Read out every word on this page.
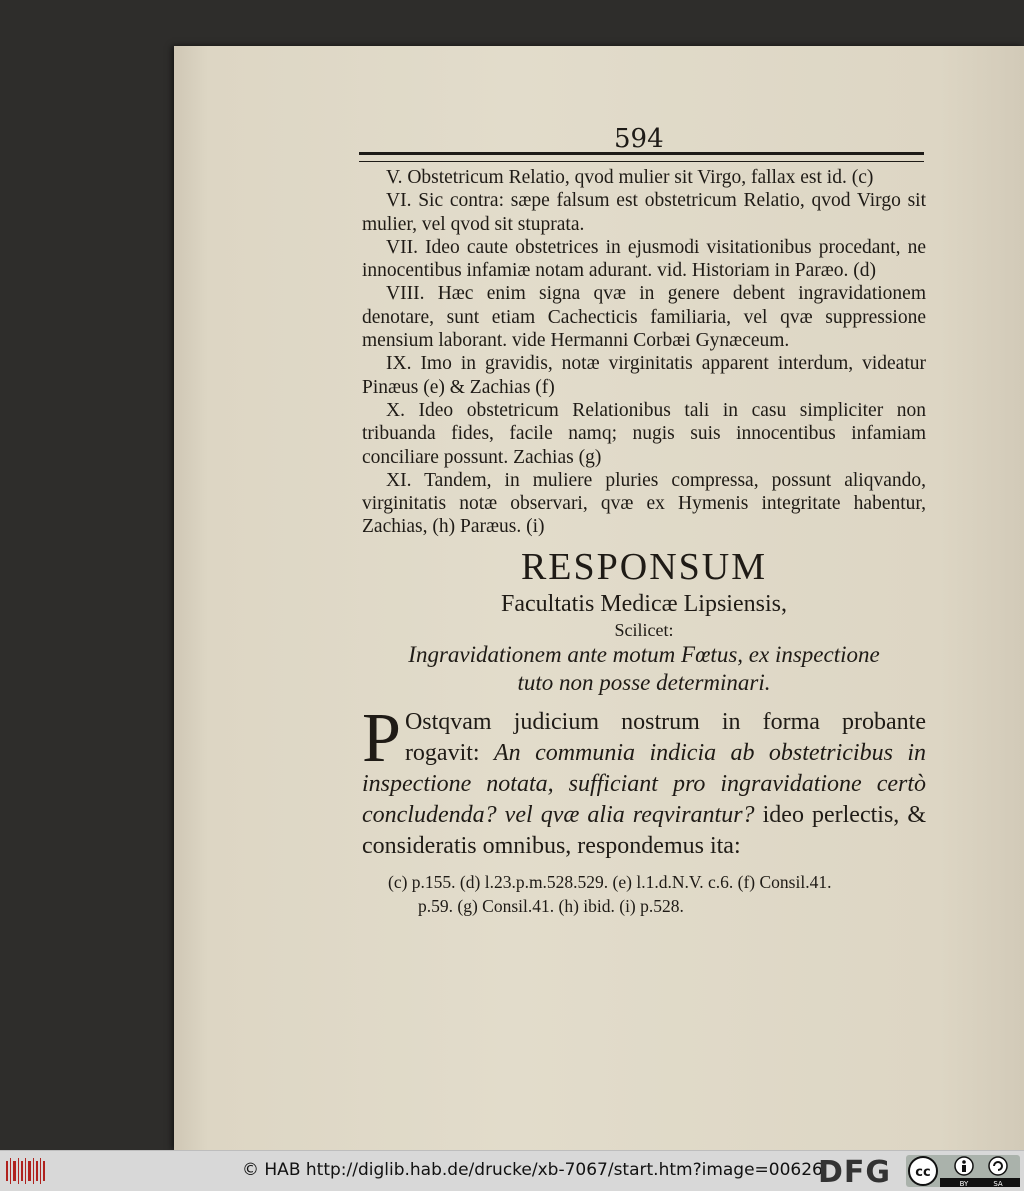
594

V. Obstetricum Relatio, qvod mulier sit Virgo, fallax est id. (c)

VI. Sic contra: sæpe falsum est obstetricum Relatio, qvod Virgo sit mulier, vel qvod sit stuprata.

VII. Ideo caute obstetrices in ejusmodi visitationibus procedant, ne innocentibus infamiæ notam adurant. vid. Historiam in Paræo. (d)

VIII. Hæc enim signa qvæ in genere debent ingravidationem denotare, sunt etiam Cachecticis familiaria, vel qvæ suppressione mensium laborant. vide Hermanni Corbæi Gynæceum.

IX. Imo in gravidis, notæ virginitatis apparent interdum, videatur Pinæus (e) & Zachias (f)

X. Ideo obstetricum Relationibus tali in casu simpliciter non tribuanda fides, facile namq; nugis suis innocentibus infamiam conciliare possunt. Zachias (g)

XI. Tandem, in muliere pluries compressa, possunt aliqvando, virginitatis notæ observari, qvæ ex Hymenis integritate habentur, Zachias, (h) Paræus. (i)

RESPONSUM
Facultatis Medicæ Lipsiensis,
Scilicet:
Ingravidationem ante motum Fœtus, ex inspectione
tuto non posse determinari.

P Ostqvam judicium nostrum in forma probante rogavit: An communia indicia ab obstetricibus in inspectione notata, sufficiant pro ingravidatione certò concludenda? vel qvæ alia reqvirantur? ideo perlectis, & consideratis omnibus, respondemus ita:

(c) p.155. (d) l.23.p.m.528.529. (e) l.1.d.N.V. c.6. (f) Consil.41.
p.59. (g) Consil.41. (h) ibid. (i) p.528.
© HAB http://diglib.hab.de/drucke/xb-7067/start.htm?image=00626
DFG cc
BY	SA
